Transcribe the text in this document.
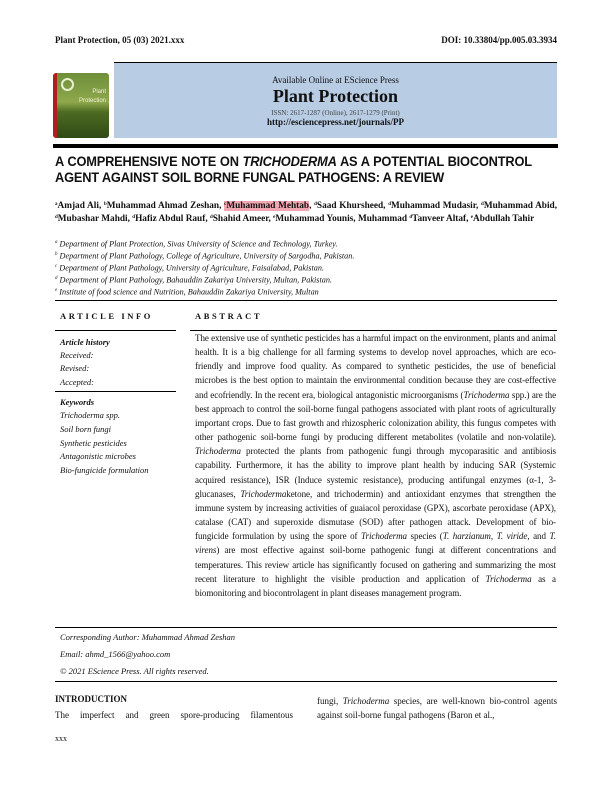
Plant Protection, 05 (03) 2021.xxx	DOI: 10.33804/pp.005.03.3934
Plant
Protection
Available Online at EScience Press
Plant Protection
ISSN: 2617-1287 (Online), 2617-1279 (Print)
http://esciencepress.net/journals/PP
A COMPREHENSIVE NOTE ON TRICHODERMA AS A POTENTIAL BIOCONTROL AGENT AGAINST SOIL BORNE FUNGAL PATHOGENS: A REVIEW
$^a$Amjad Ali, $^b$Muhammad Ahmad Zeshan, $^c$Muhammad Mehtab, $^d$Saad Khursheed, $^d$Muhammad Mudasir, $^d$Muhammad Abid, $^d$Mubashar Mahdi, $^d$Hafiz Abdul Rauf, $^d$Shahid Ameer, $^e$Muhammad Younis, Muhammad $^d$Tanveer Altaf, $^e$Abdullah Tahir
$^a$ Department of Plant Protection, Sivas University of Science and Technology, Turkey.
$^b$ Department of Plant Pathology, College of Agriculture, University of Sargodha, Pakistan.
$^c$ Department of Plant Pathology, University of Agriculture, Faisalabad, Pakistan.
$^d$ Department of Plant Pathology, Bahauddin Zakariya University, Multan, Pakistan.
$^e$ Institute of food science and Nutrition, Bahauddin Zakariya University, Multan
ARTICLE INFO	ABSTRACT
Article history
Received:
Revised:
Accepted:
Keywords
Trichoderma spp.
Soil born fungi
Synthetic pesticides
Antagonistic microbes
Bio-fungicide formulation
The extensive use of synthetic pesticides has a harmful impact on the environment, plants and animal health. It is a big challenge for all farming systems to develop novel approaches, which are eco-friendly and improve food quality. As compared to synthetic pesticides, the use of beneficial microbes is the best option to maintain the environmental condition because they are cost-effective and ecofriendly. In the recent era, biological antagonistic microorganisms (Trichoderma spp.) are the best approach to control the soil-borne fungal pathogens associated with plant roots of agriculturally important crops. Due to fast growth and rhizospheric colonization ability, this fungus competes with other pathogenic soil-borne fungi by producing different metabolites (volatile and non-volatile). Trichoderma protected the plants from pathogenic fungi through mycoparasitic and antibiosis capability. Furthermore, it has the ability to improve plant health by inducing SAR (Systemic acquired resistance), ISR (Induce systemic resistance), producing antifungal enzymes (α-1, 3-glucanases, Trichodermaketone, and trichodermin) and antioxidant enzymes that strengthen the immune system by increasing activities of guaiacol peroxidase (GPX), ascorbate peroxidase (APX), catalase (CAT) and superoxide dismutase (SOD) after pathogen attack. Development of bio-fungicide formulation by using the spore of Trichoderma species (T. harzianum, T. viride, and T. virens) are most effective against soil-borne pathogenic fungi at different concentrations and temperatures. This review article has significantly focused on gathering and summarizing the most recent literature to highlight the visible production and application of Trichoderma as a biomonitoring and biocontrolagent in plant diseases management program.
Corresponding Author: Muhammad Ahmad Zeshan
Email: ahmd_1566@yahoo.com
© 2021 EScience Press. All rights reserved.
INTRODUCTION
The imperfect and green spore-producing filamentous
fungi, Trichoderma species, are well-known bio-control agents against soil-borne fungal pathogens (Baron et al.,
xxx
